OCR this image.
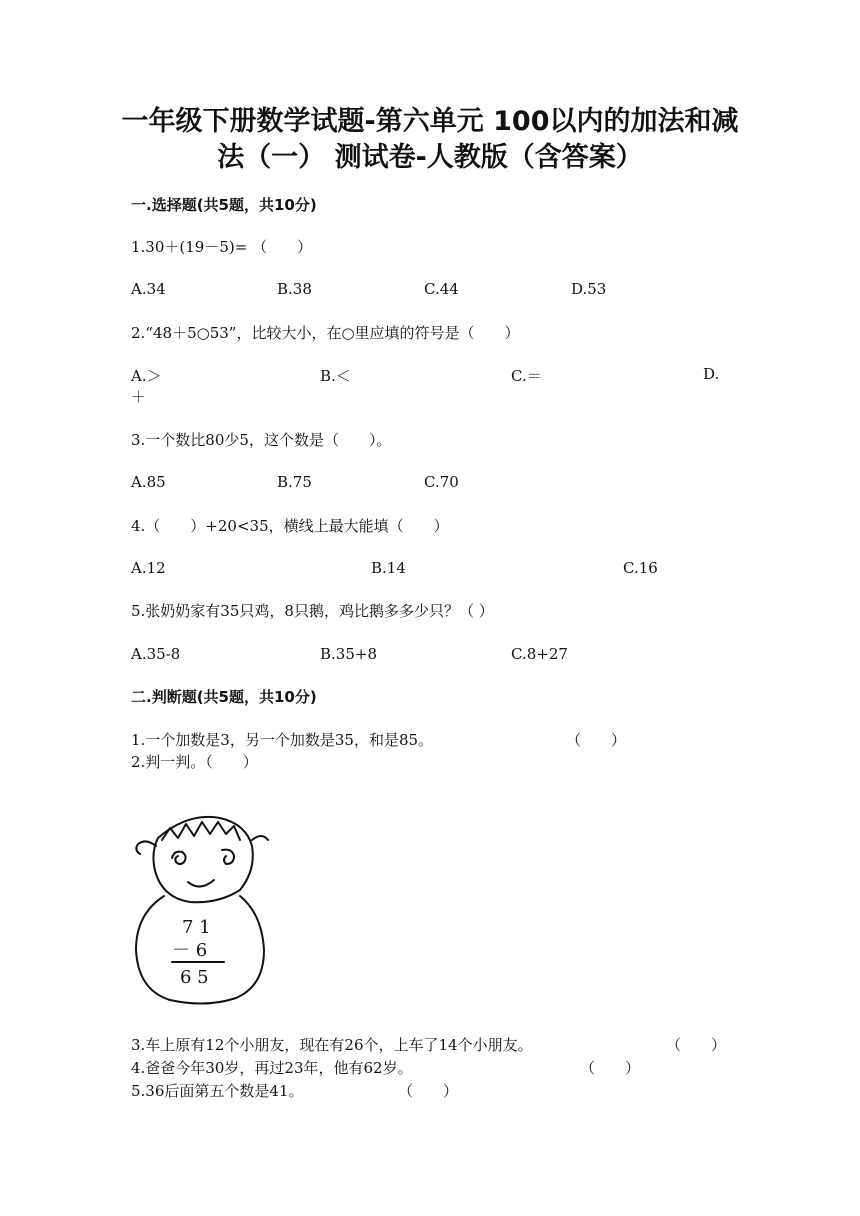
一年级下册数学试题-第六单元 100以内的加法和减
法（一） 测试卷-人教版（含答案）
一.选择题(共5题，共10分)
1.30＋(19－5)= （　　）
A.34	B.38	C.44	D.53
2.“48＋5○53”，比较大小，在○里应填的符号是（　　）
A.＞	B.＜	C.＝	D.
＋
3.一个数比80少5，这个数是（　　）。
A.85	B.75	C.70
4.（　　）+20<35，横线上最大能填（　　）
A.12	B.14	C.16
5.张奶奶家有35只鸡，8只鹅，鸡比鹅多多少只？（ ）
A.35-8	B.35+8	C.8+27
二.判断题(共5题，共10分)
1.一个加数是3，另一个加数是35，和是85。	（　　）
2.判一判。（　　）
7 1
－ 6
6 5
3.车上原有12个小朋友，现在有26个，上车了14个小朋友。	（　　）
4.爸爸今年30岁，再过23年，他有62岁。	（　　）
5.36后面第五个数是41。	（　　）
